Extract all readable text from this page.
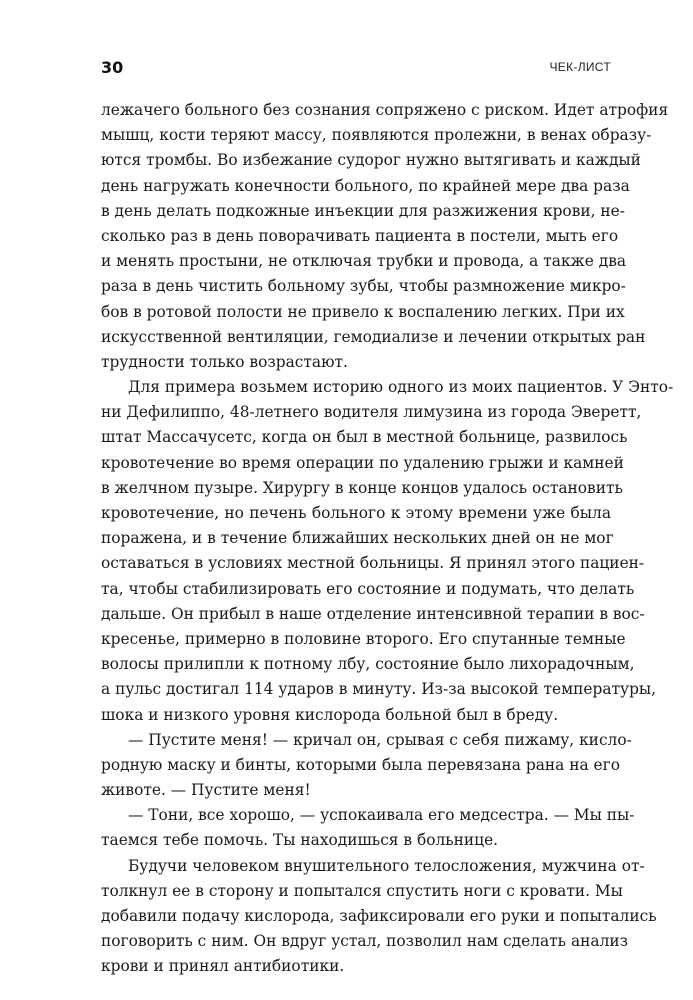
30	ЧЕК-ЛИСТ
лежачего больного без сознания сопряжено с риском. Идет атрофия
мышц, кости теряют массу, появляются пролежни, в венах образу-
ются тромбы. Во избежание судорог нужно вытягивать и каждый
день нагружать конечности больного, по крайней мере два раза
в день делать подкожные инъекции для разжижения крови, не-
сколько раз в день поворачивать пациента в постели, мыть его
и менять простыни, не отключая трубки и провода, а также два
раза в день чистить больному зубы, чтобы размножение микро-
бов в ротовой полости не привело к воспалению легких. При их
искусственной вентиляции, гемодиализе и лечении открытых ран
трудности только возрастают.
Для примера возьмем историю одного из моих пациентов. У Энто-
ни Дефилиппо, 48-летнего водителя лимузина из города Эверетт,
штат Массачусетс, когда он был в местной больнице, развилось
кровотечение во время операции по удалению грыжи и камней
в желчном пузыре. Хирургу в конце концов удалось остановить
кровотечение, но печень больного к этому времени уже была
поражена, и в течение ближайших нескольких дней он не мог
оставаться в условиях местной больницы. Я принял этого пациен-
та, чтобы стабилизировать его состояние и подумать, что делать
дальше. Он прибыл в наше отделение интенсивной терапии в вос-
кресенье, примерно в половине второго. Его спутанные темные
волосы прилипли к потному лбу, состояние было лихорадочным,
а пульс достигал 114 ударов в минуту. Из-за высокой температуры,
шока и низкого уровня кислорода больной был в бреду.
— Пустите меня! — кричал он, срывая с себя пижаму, кисло-
родную маску и бинты, которыми была перевязана рана на его
животе. — Пустите меня!
— Тони, все хорошо, — успокаивала его медсестра. — Мы пы-
таемся тебе помочь. Ты находишься в больнице.
Будучи человеком внушительного телосложения, мужчина от-
толкнул ее в сторону и попытался спустить ноги с кровати. Мы
добавили подачу кислорода, зафиксировали его руки и попытались
поговорить с ним. Он вдруг устал, позволил нам сделать анализ
крови и принял антибиотики.
